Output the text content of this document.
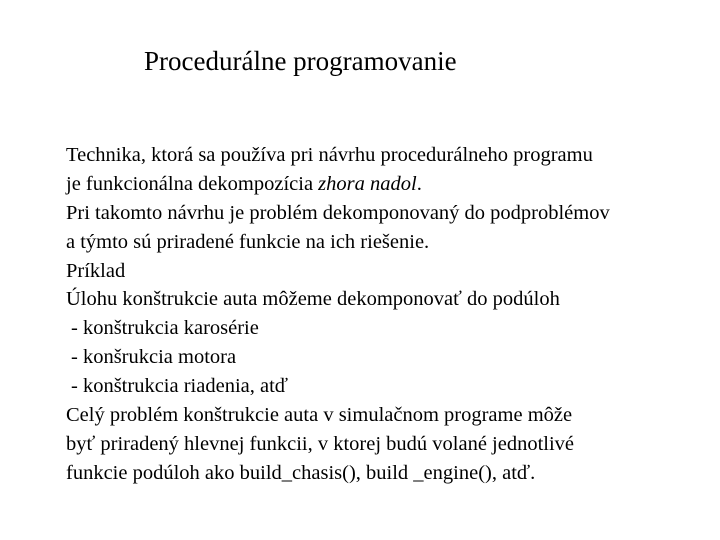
Procedurálne programovanie
Technika, ktorá sa používa pri návrhu procedurálneho programu
je funkcionálna dekompozícia zhora nadol.
Pri takomto návrhu je problém dekomponovaný do podproblémov
a týmto sú priradené funkcie na ich riešenie.
Príklad
Úlohu konštrukcie auta môžeme dekomponovať do podúloh
- konštrukcia karosérie
- konšrukcia motora
- konštrukcia riadenia, atď
Celý problém konštrukcie auta v simulačnom programe môže
byť priradený hlevnej funkcii, v ktorej budú volané jednotlivé
funkcie podúloh ako build_chasis(), build _engine(), atď.
